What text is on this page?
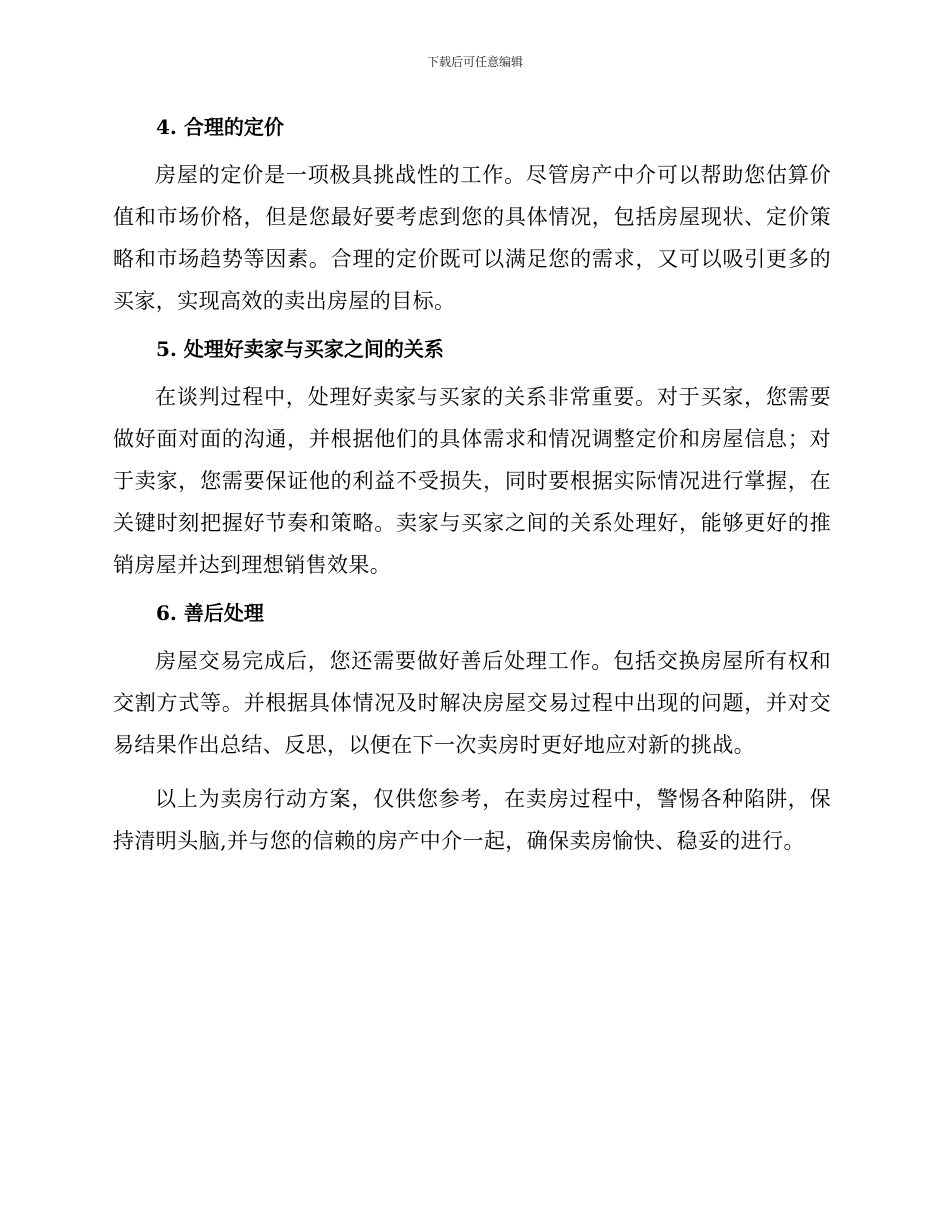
下载后可任意编辑
4. 合理的定价

房屋的定价是一项极具挑战性的工作。尽管房产中介可以帮助您估算价值和市场价格，但是您最好要考虑到您的具体情况，包括房屋现状、定价策略和市场趋势等因素。合理的定价既可以满足您的需求，又可以吸引更多的买家，实现高效的卖出房屋的目标。

5. 处理好卖家与买家之间的关系

在谈判过程中，处理好卖家与买家的关系非常重要。对于买家，您需要做好面对面的沟通，并根据他们的具体需求和情况调整定价和房屋信息；对于卖家，您需要保证他的利益不受损失，同时要根据实际情况进行掌握，在关键时刻把握好节奏和策略。卖家与买家之间的关系处理好，能够更好的推销房屋并达到理想销售效果。

6. 善后处理

房屋交易完成后，您还需要做好善后处理工作。包括交换房屋所有权和交割方式等。并根据具体情况及时解决房屋交易过程中出现的问题，并对交易结果作出总结、反思，以便在下一次卖房时更好地应对新的挑战。

以上为卖房行动方案，仅供您参考，在卖房过程中，警惕各种陷阱，保持清明头脑,并与您的信赖的房产中介一起，确保卖房愉快、稳妥的进行。
